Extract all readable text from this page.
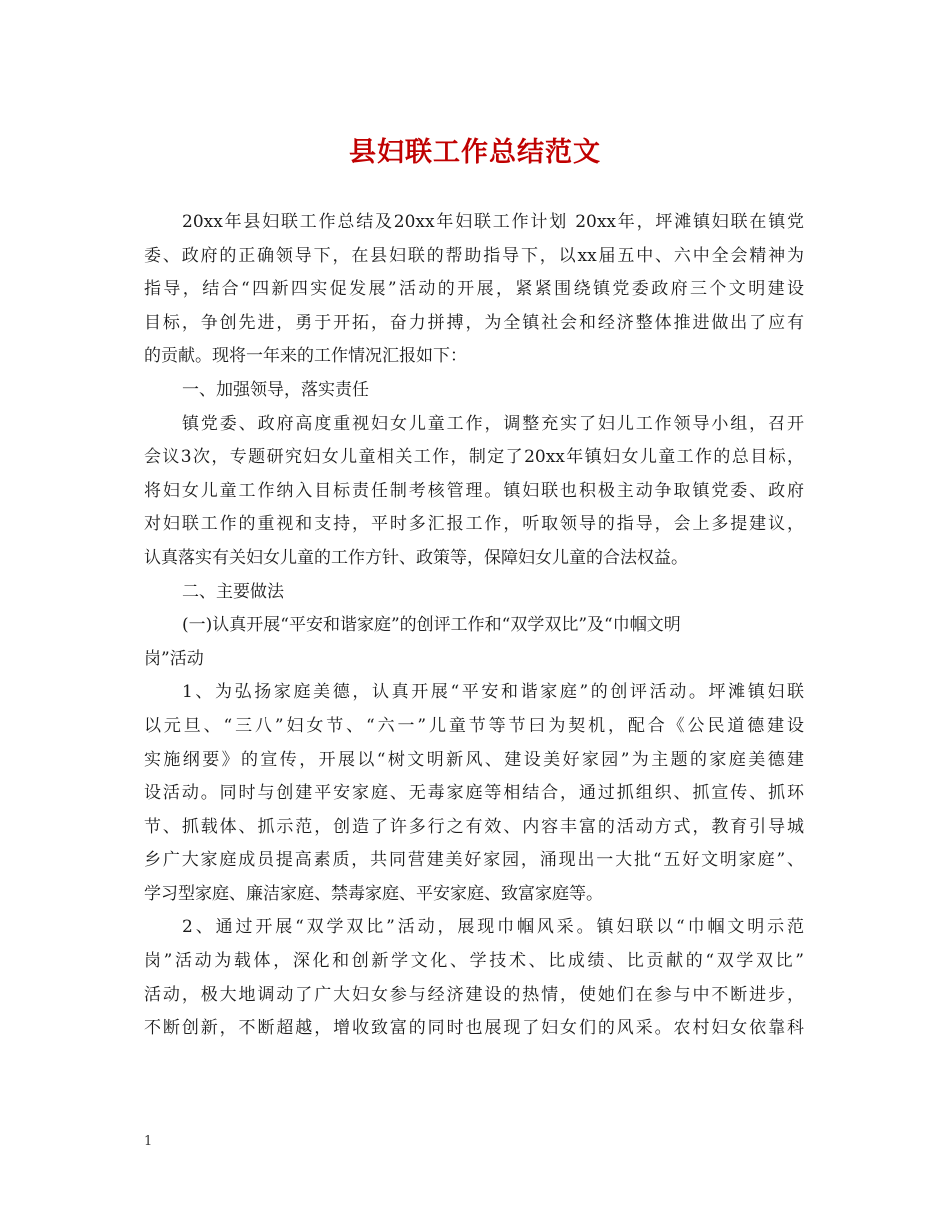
县妇联工作总结范文
20xx年县妇联工作总结及20xx年妇联工作计划 20xx年，坪滩镇妇联在镇党
委、政府的正确领导下，在县妇联的帮助指导下，以xx届五中、六中全会精神为
指导，结合“四新四实促发展”活动的开展，紧紧围绕镇党委政府三个文明建设
目标，争创先进，勇于开拓，奋力拼搏，为全镇社会和经济整体推进做出了应有
的贡献。现将一年来的工作情况汇报如下：
一、加强领导，落实责任
镇党委、政府高度重视妇女儿童工作，调整充实了妇儿工作领导小组，召开
会议3次，专题研究妇女儿童相关工作，制定了20xx年镇妇女儿童工作的总目标，
将妇女儿童工作纳入目标责任制考核管理。镇妇联也积极主动争取镇党委、政府
对妇联工作的重视和支持，平时多汇报工作，听取领导的指导，会上多提建议，
认真落实有关妇女儿童的工作方针、政策等，保障妇女儿童的合法权益。
二、主要做法
(一)认真开展“平安和谐家庭”的创评工作和“双学双比”及“巾帼文明
岗”活动
1、为弘扬家庭美德，认真开展“平安和谐家庭”的创评活动。坪滩镇妇联
以元旦、“三八”妇女节、“六一”儿童节等节曰为契机，配合《公民道德建设
实施纲要》的宣传，开展以“树文明新风、建设美好家园”为主题的家庭美德建
设活动。同时与创建平安家庭、无毒家庭等相结合，通过抓组织、抓宣传、抓环
节、抓载体、抓示范，创造了许多行之有效、内容丰富的活动方式，教育引导城
乡广大家庭成员提高素质，共同营建美好家园，涌现出一大批“五好文明家庭”、
学习型家庭、廉洁家庭、禁毒家庭、平安家庭、致富家庭等。
2、通过开展“双学双比”活动，展现巾帼风采。镇妇联以“巾帼文明示范
岗”活动为载体，深化和创新学文化、学技术、比成绩、比贡献的“双学双比”
活动，极大地调动了广大妇女参与经济建设的热情，使她们在参与中不断进步，
不断创新，不断超越，增收致富的同时也展现了妇女们的风采。农村妇女依靠科
1
